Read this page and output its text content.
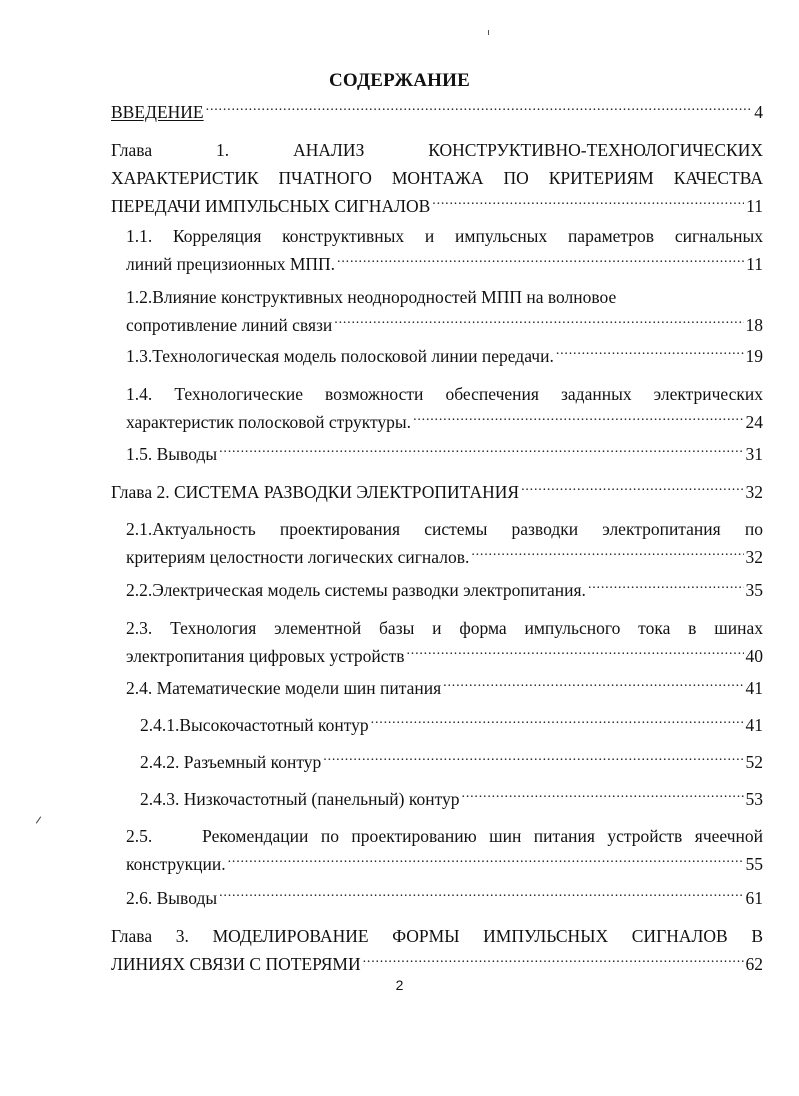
СОДЕРЖАНИЕ
ВВЕДЕНИЕ .....	4
Глава 1. АНАЛИЗ КОНСТРУКТИВНО-ТЕХНОЛОГИЧЕСКИХ
ХАРАКТЕРИСТИК ПЧАТНОГО МОНТАЖА ПО КРИТЕРИЯМ КАЧЕСТВА
ПЕРЕДАЧИ ИМПУЛЬСНЫХ СИГНАЛОВ .....	11
1.1. Корреляция конструктивных и импульсных параметров сигнальных
линий прецизионных МПП. .....	11
1.2.Влияние конструктивных неоднородностей МПП на волновое
сопротивление линий связи .....	18
1.3.Технологическая модель полосковой линии передачи. .....	19
1.4. Технологические возможности обеспечения заданных электрических
характеристик полосковой структуры. .....	24
1.5. Выводы .....	31
Глава 2. СИСТЕМА РАЗВОДКИ ЭЛЕКТРОПИТАНИЯ .....	32
2.1.Актуальность проектирования системы разводки электропитания по
критериям целостности логических сигналов. .....	32
2.2.Электрическая модель системы разводки электропитания. .....	35
2.3. Технология элементной базы и форма импульсного тока в шинах
электропитания цифровых устройств .....	40
2.4. Математические модели шин питания .....	41
2.4.1.Высокочастотный контур .....	41
2.4.2. Разъемный контур .....	52
2.4.3. Низкочастотный (панельный) контур .....	53
2.5.    Рекомендации по проектированию шин питания устройств ячеечной
конструкции. .....	55
2.6. Выводы .....	61
Глава 3. МОДЕЛИРОВАНИЕ ФОРМЫ ИМПУЛЬСНЫХ СИГНАЛОВ В
ЛИНИЯХ СВЯЗИ С ПОТЕРЯМИ .....	62
2
